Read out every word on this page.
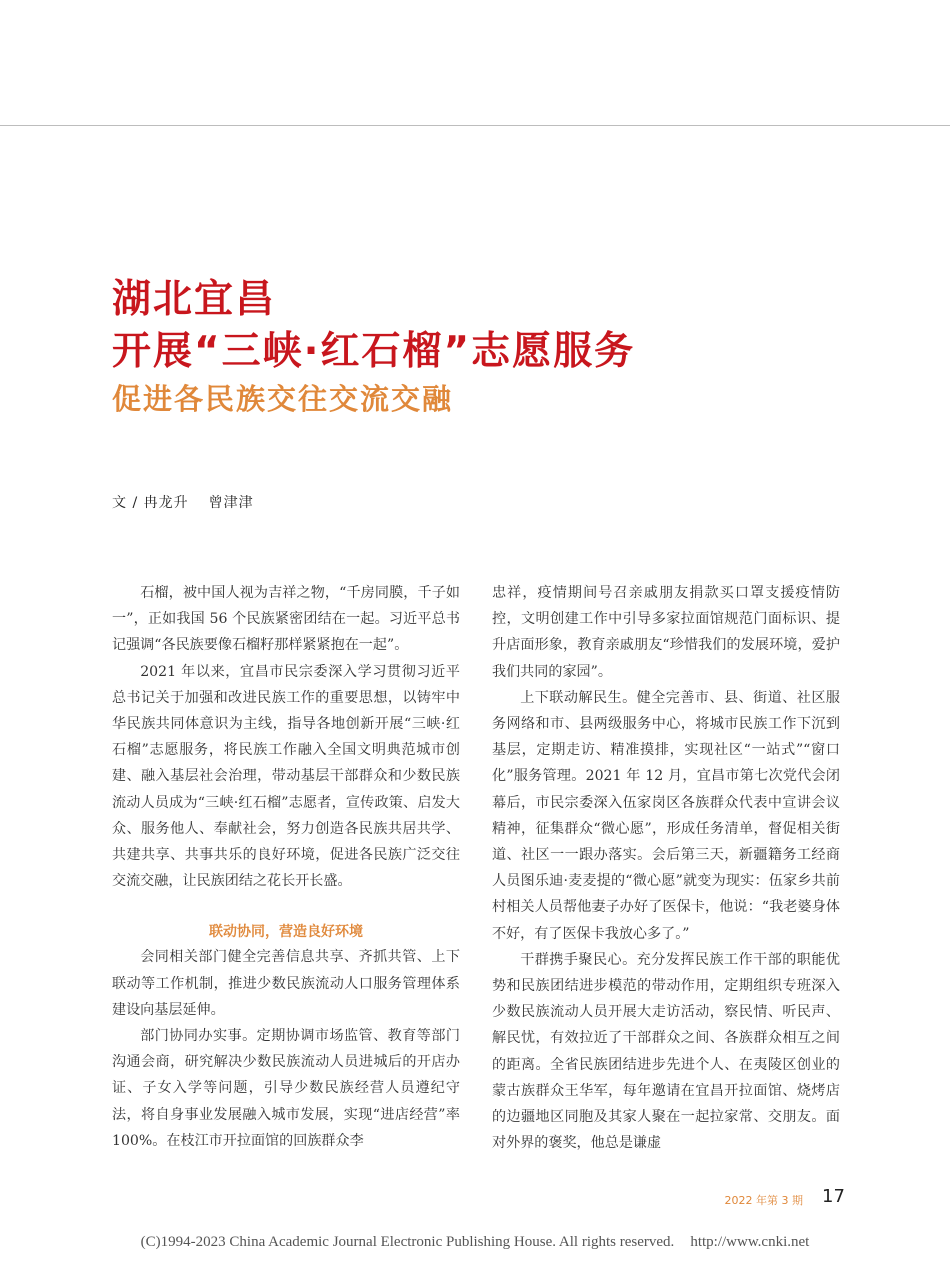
湖北宜昌
开展“三峡·红石榴”志愿服务
促进各民族交往交流交融
文 / 冉龙升 曾津津

石榴，被中国人视为吉祥之物，“千房同膜，千子如一”，正如我国 56 个民族紧密团结在一起。习近平总书记强调“各民族要像石榴籽那样紧紧抱在一起”。

2021 年以来，宜昌市民宗委深入学习贯彻习近平总书记关于加强和改进民族工作的重要思想，以铸牢中华民族共同体意识为主线，指导各地创新开展“三峡·红石榴”志愿服务，将民族工作融入全国文明典范城市创建、融入基层社会治理，带动基层干部群众和少数民族流动人员成为“三峡·红石榴”志愿者，宣传政策、启发大众、服务他人、奉献社会，努力创造各民族共居共学、共建共享、共事共乐的良好环境，促进各民族广泛交往交流交融，让民族团结之花长开长盛。

联动协同，营造良好环境

会同相关部门健全完善信息共享、齐抓共管、上下联动等工作机制，推进少数民族流动人口服务管理体系建设向基层延伸。

部门协同办实事。定期协调市场监管、教育等部门沟通会商，研究解决少数民族流动人员进城后的开店办证、子女入学等问题，引导少数民族经营人员遵纪守法，将自身事业发展融入城市发展，实现“进店经营”率 100%。在枝江市开拉面馆的回族群众李

忠祥，疫情期间号召亲戚朋友捐款买口罩支援疫情防控，文明创建工作中引导多家拉面馆规范门面标识、提升店面形象，教育亲戚朋友“珍惜我们的发展环境，爱护我们共同的家园”。

上下联动解民生。健全完善市、县、街道、社区服务网络和市、县两级服务中心，将城市民族工作下沉到基层，定期走访、精准摸排，实现社区“一站式”“窗口化”服务管理。2021 年 12 月，宜昌市第七次党代会闭幕后，市民宗委深入伍家岗区各族群众代表中宣讲会议精神，征集群众“微心愿”，形成任务清单，督促相关街道、社区一一跟办落实。会后第三天，新疆籍务工经商人员图乐迪·麦麦提的“微心愿”就变为现实：伍家乡共前村相关人员帮他妻子办好了医保卡，他说：“我老婆身体不好，有了医保卡我放心多了。”

干群携手聚民心。充分发挥民族工作干部的职能优势和民族团结进步模范的带动作用，定期组织专班深入少数民族流动人员开展大走访活动，察民情、听民声、解民忧，有效拉近了干部群众之间、各族群众相互之间的距离。全省民族团结进步先进个人、在夷陵区创业的蒙古族群众王华军，每年邀请在宜昌开拉面馆、烧烤店的边疆地区同胞及其家人聚在一起拉家常、交朋友。面对外界的褒奖，他总是谦虚

2022 年第 3 期 17
(C)1994-2023 China Academic Journal Electronic Publishing House. All rights reserved. http://www.cnki.net
